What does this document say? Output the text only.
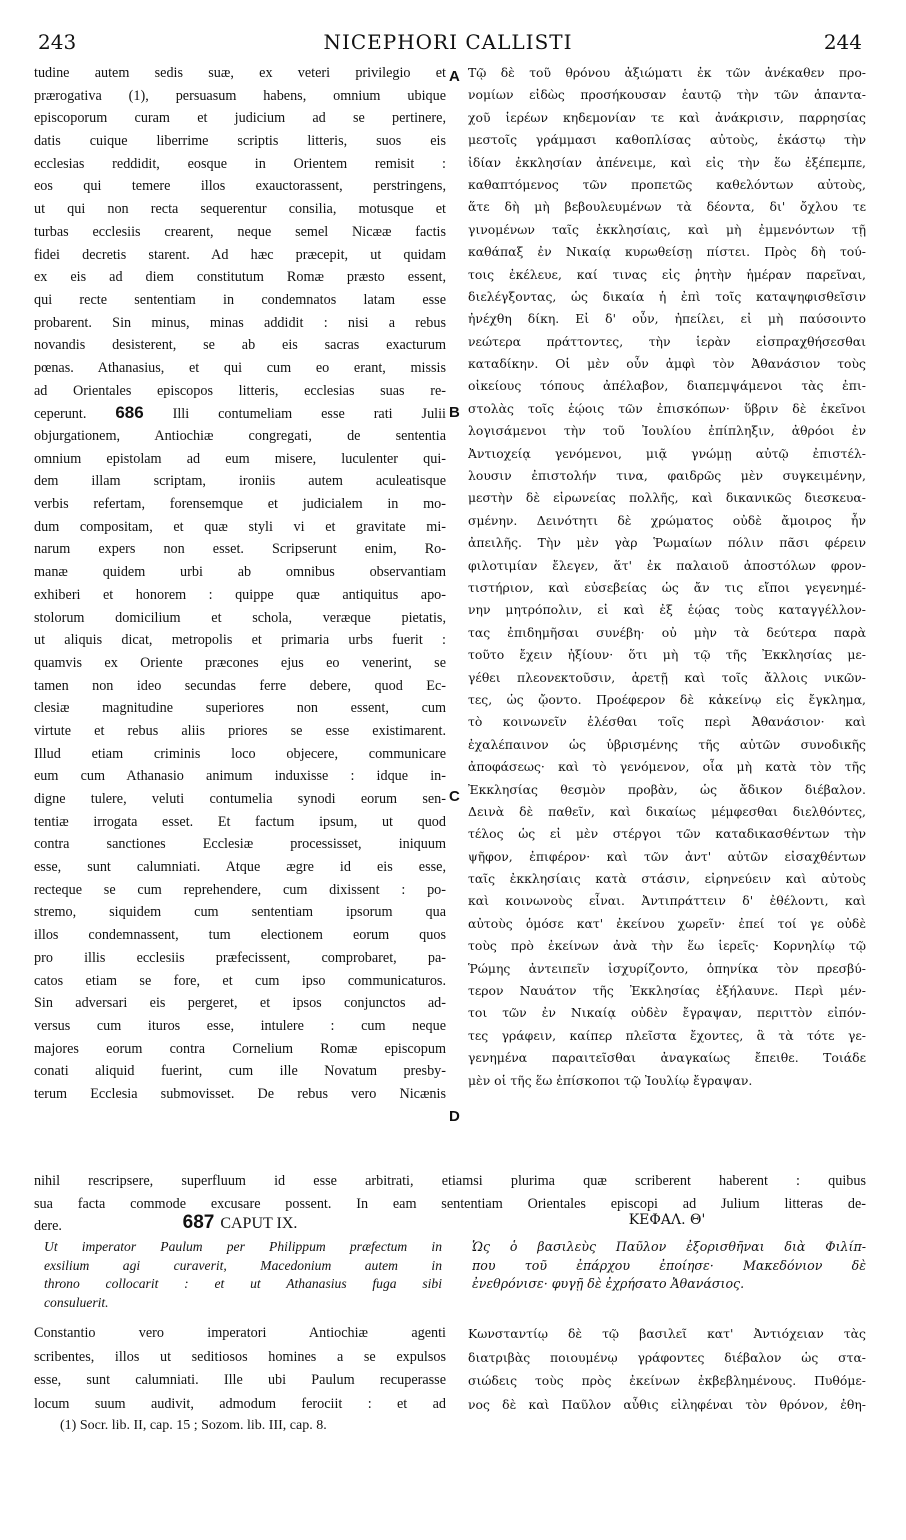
243	NICEPHORI CALLISTI	244
tudine autem sedis suæ, ex veteri privilegio et
prærogativa (1), persuasum habens, omnium ubique
episcoporum curam et judicium ad se pertinere,
datis cuique liberrime scriptis litteris, suos eis
ecclesias reddidit, eosque in Orientem remisit :
eos qui temere illos exauctorassent, perstringens,
ut qui non recta sequerentur consilia, motusque et
turbas ecclesiis crearent, neque semel Nicææ factis
fidei decretis starent. Ad hæc præcepit, ut quidam
ex eis ad diem constitutum Romæ præsto essent,
qui recte sententiam in condemnatos latam esse
probarent. Sin minus, minas addidit : nisi a rebus
novandis desisterent, se ab eis sacras exacturum
pœnas. Athanasius, et qui cum eo erant, missis
ad Orientales episcopos litteris, ecclesias suas re-
ceperunt. 686 Illi contumeliam esse rati Julii
objurgationem, Antiochiæ congregati, de sententia
omnium epistolam ad eum misere, luculenter qui-
dem illam scriptam, ironiis autem aculeatisque
verbis refertam, forensemque et judicialem in mo-
dum compositam, et quæ styli vi et gravitate mi-
narum expers non esset. Scripserunt enim, Ro-
manæ quidem urbi ab omnibus observantiam
exhiberi et honorem : quippe quæ antiquitus apo-
stolorum domicilium et schola, veræque pietatis,
ut aliquis dicat, metropolis et primaria urbs fuerit :
quamvis ex Oriente præcones ejus eo venerint, se
tamen non ideo secundas ferre debere, quod Ec-
clesiæ magnitudine superiores non essent, cum
virtute et rebus aliis priores se esse existimarent.
Illud etiam criminis loco objecere, communicare
eum cum Athanasio animum induxisse : idque in-
digne tulere, veluti contumelia synodi eorum sen-
tentiæ irrogata esset. Et factum ipsum, ut quod
contra sanctiones Ecclesiæ processisset, iniquum
esse, sunt calumniati. Atque ægre id eis esse,
recteque se cum reprehendere, cum dixissent : po-
stremo, siquidem cum sententiam ipsorum qua
illos condemnassent, tum electionem eorum quos
pro illis ecclesiis præfecissent, comprobaret, pa-
catos etiam se fore, et cum ipso communicaturos.
Sin adversari eis pergeret, et ipsos conjunctos ad-
versus cum ituros esse, intulere : cum neque
majores eorum contra Cornelium Romæ episcopum
conati aliquid fuerint, cum ille Novatum presby-
terum Ecclesia submovisset. De rebus vero Nicænis
Τῷ δὲ τοῦ θρόνου ἀξιώματι ἐκ τῶν ἀνέκαθεν προ-
νομίων εἰδὼς προσήκουσαν ἑαυτῷ τὴν τῶν ἁπαντα-
χοῦ ἱερέων κηδεμονίαν τε καὶ ἀνάκρισιν, παρρησίας
μεστοῖς γράμμασι καθοπλίσας αὐτοὺς, ἑκάστῳ τὴν
ἰδίαν ἐκκλησίαν ἀπένειμε, καὶ εἰς τὴν ἕω ἐξέπεμπε,
καθαπτόμενος τῶν προπετῶς καθελόντων αὐτοὺς,
ἅτε δὴ μὴ βεβουλευμένων τὰ δέοντα, δι' ὄχλου τε
γινομένων ταῖς ἐκκλησίαις, καὶ μὴ ἐμμενόντων τῇ
καθάπαξ ἐν Νικαίᾳ κυρωθείσῃ πίστει. Πρὸς δὴ τού-
τοις ἐκέλευε, καί τινας εἰς ῥητὴν ἡμέραν παρεῖναι,
διελέγξοντας, ὡς δικαία ἡ ἐπὶ τοῖς καταψηφισθεῖσιν
ἠνέχθη δίκη. Εἰ δ' οὖν, ἠπείλει, εἰ μὴ παύσοιντο
νεώτερα πράττοντες, τὴν ἱερὰν εἰσπραχθήσεσθαι
καταδίκην. Οἱ μὲν οὖν ἀμφὶ τὸν Ἀθανάσιον τοὺς
οἰκείους τόπους ἀπέλαβον, διαπεμψάμενοι τὰς ἐπι-
στολὰς τοῖς ἑῴοις τῶν ἐπισκόπων· ὕβριν δὲ ἐκεῖνοι
λογισάμενοι τὴν τοῦ Ἰουλίου ἐπίπληξιν, ἀθρόοι ἐν
Ἀντιοχείᾳ γενόμενοι, μιᾷ γνώμῃ αὐτῷ ἐπιστέλ-
λουσιν ἐπιστολήν τινα, φαιδρῶς μὲν συγκειμένην,
μεστὴν δὲ εἰρωνείας πολλῆς, καὶ δικανικῶς διεσκευα-
σμένην. Δεινότητι δὲ χρώματος οὐδὲ ἄμοιρος ἦν
ἀπειλῆς. Τὴν μὲν γὰρ Ῥωμαίων πόλιν πᾶσι φέρειν
φιλοτιμίαν ἔλεγεν, ἅτ' ἐκ παλαιοῦ ἀποστόλων φρον-
τιστήριον, καὶ εὐσεβείας ὡς ἄν τις εἴποι γεγενημέ-
νην μητρόπολιν, εἰ καὶ ἐξ ἑῴας τοὺς καταγγέλλον-
τας ἐπιδημῆσαι συνέβη· οὐ μὴν τὰ δεύτερα παρὰ
τοῦτο ἔχειν ἠξίουν· ὅτι μὴ τῷ τῆς Ἐκκλησίας με-
γέθει πλεονεκτοῦσιν, ἀρετῇ καὶ τοῖς ἄλλοις νικῶν-
τες, ὡς ᾤοντο. Προέφερον δὲ κἀκείνῳ εἰς ἔγκλημα,
τὸ κοινωνεῖν ἑλέσθαι τοῖς περὶ Ἀθανάσιον· καὶ
ἐχαλέπαινον ὡς ὑβρισμένης τῆς αὐτῶν συνοδικῆς
ἀποφάσεως· καὶ τὸ γενόμενον, οἷα μὴ κατὰ τὸν τῆς
Ἐκκλησίας θεσμὸν προβὰν, ὡς ἄδικον διέβαλον.
Δεινὰ δὲ παθεῖν, καὶ δικαίως μέμφεσθαι διελθόντες,
τέλος ὡς εἰ μὲν στέργοι τῶν καταδικασθέντων τὴν
ψῆφον, ἐπιφέρον· καὶ τῶν ἀντ' αὐτῶν εἰσαχθέντων
ταῖς ἐκκλησίαις κατὰ στάσιν, εἰρηνεύειν καὶ αὐτοὺς
καὶ κοινωνοὺς εἶναι. Ἀντιπράττειν δ' ἐθέλοντι, καὶ
αὐτοὺς ὁμόσε κατ' ἐκείνου χωρεῖν· ἐπεί τοί γε οὐδὲ
τοὺς πρὸ ἐκείνων ἀνὰ τὴν ἕω ἱερεῖς· Κορνηλίῳ τῷ
Ῥώμης ἀντειπεῖν ἰσχυρίζοντο, ὁπηνίκα τὸν πρεσβύ-
τερον Ναυάτον τῆς Ἐκκλησίας ἐξήλαυνε. Περὶ μέν-
τοι τῶν ἐν Νικαίᾳ οὐδὲν ἔγραψαν, περιττὸν εἰπόν-
τες γράφειν, καίπερ πλεῖστα ἔχοντες, ἃ τὰ τότε γε-
γενημένα παραιτεῖσθαι ἀναγκαίως ἔπειθε. Τοιάδε
μὲν οἱ τῆς ἕω ἐπίσκοποι τῷ Ἰουλίῳ ἔγραψαν.
A
B
C
D
nihil rescripsere, superfluum id esse arbitrati, etiamsi plurima quæ scriberent haberent : quibus
sua facta commode excusare possent. In eam sententiam Orientales episcopi ad Julium litteras de-
dere.	687 CAPUT IX.	ΚΕΦΑΛ. Θ'
Ut imperator Paulum per Philippum præfectum in
exsilium agi curaverit, Macedonium autem in
throno collocarit : et ut Athanasius fuga sibi
consuluerit.
Ὡς ὁ βασιλεὺς Παῦλον ἐξορισθῆναι διὰ Φιλίπ-
που τοῦ ἐπάρχου ἐποίησε· Μακεδόνιον δὲ
ἐνεθρόνισε· φυγῇ δὲ ἐχρήσατο Ἀθανάσιος.
Constantio vero imperatori Antiochiæ agenti
scribentes, illos ut seditiosos homines a se expulsos
esse, sunt calumniati. Ille ubi Paulum recuperasse
locum suum audivit, admodum ferociit : et ad
Κωνσταντίῳ δὲ τῷ βασιλεῖ κατ' Ἀντιόχειαν τὰς
διατριβὰς ποιουμένῳ γράφοντες διέβαλον ὡς στα-
σιώδεις τοὺς πρὸς ἐκείνων ἐκβεβλημένους. Πυθόμε-
νος δὲ καὶ Παῦλον αὖθις εἰληφέναι τὸν θρόνον, ἐθη-
(1) Socr. lib. II, cap. 15 ; Sozom. lib. III, cap. 8.
